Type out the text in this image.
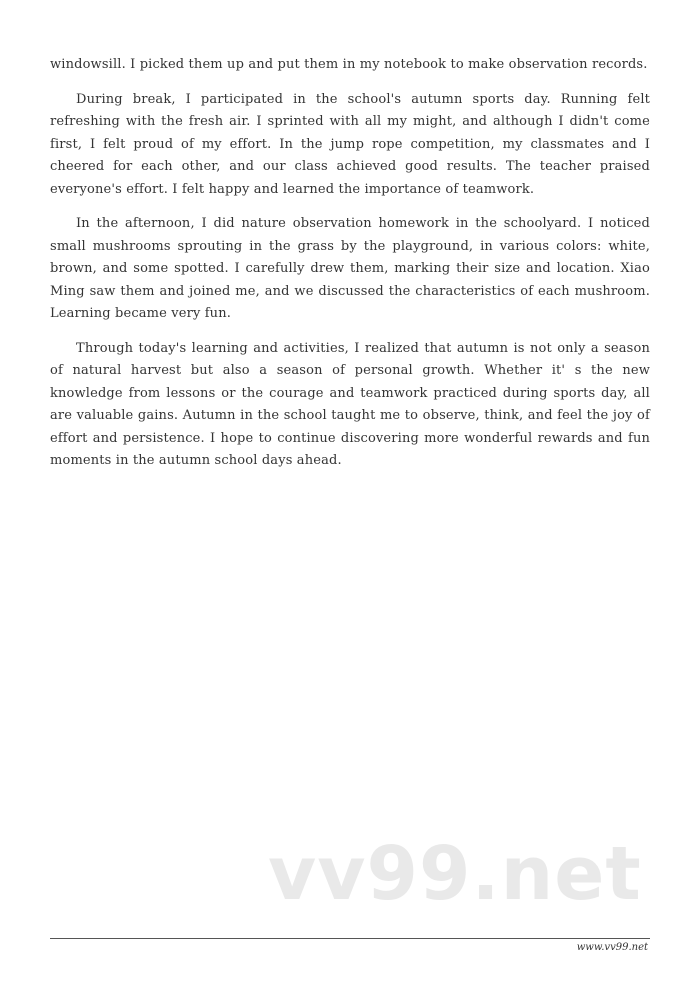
windowsill. I picked them up and put them in my notebook to make observation records.

During break, I participated in the school's autumn sports day. Running felt refreshing with the fresh air. I sprinted with all my might, and although I didn't come first, I felt proud of my effort. In the jump rope competition, my classmates and I cheered for each other, and our class achieved good results. The teacher praised everyone's effort. I felt happy and learned the importance of teamwork.

In the afternoon, I did nature observation homework in the schoolyard. I noticed small mushrooms sprouting in the grass by the playground, in various colors: white, brown, and some spotted. I carefully drew them, marking their size and location. Xiao Ming saw them and joined me, and we discussed the characteristics of each mushroom. Learning became very fun.

Through today's learning and activities, I realized that autumn is not only a season of natural harvest but also a season of personal growth. Whether it' s the new knowledge from lessons or the courage and teamwork practiced during sports day, all are valuable gains. Autumn in the school taught me to observe, think, and feel the joy of effort and persistence. I hope to continue discovering more wonderful rewards and fun moments in the autumn school days ahead.

vv99.net
www.vv99.net
